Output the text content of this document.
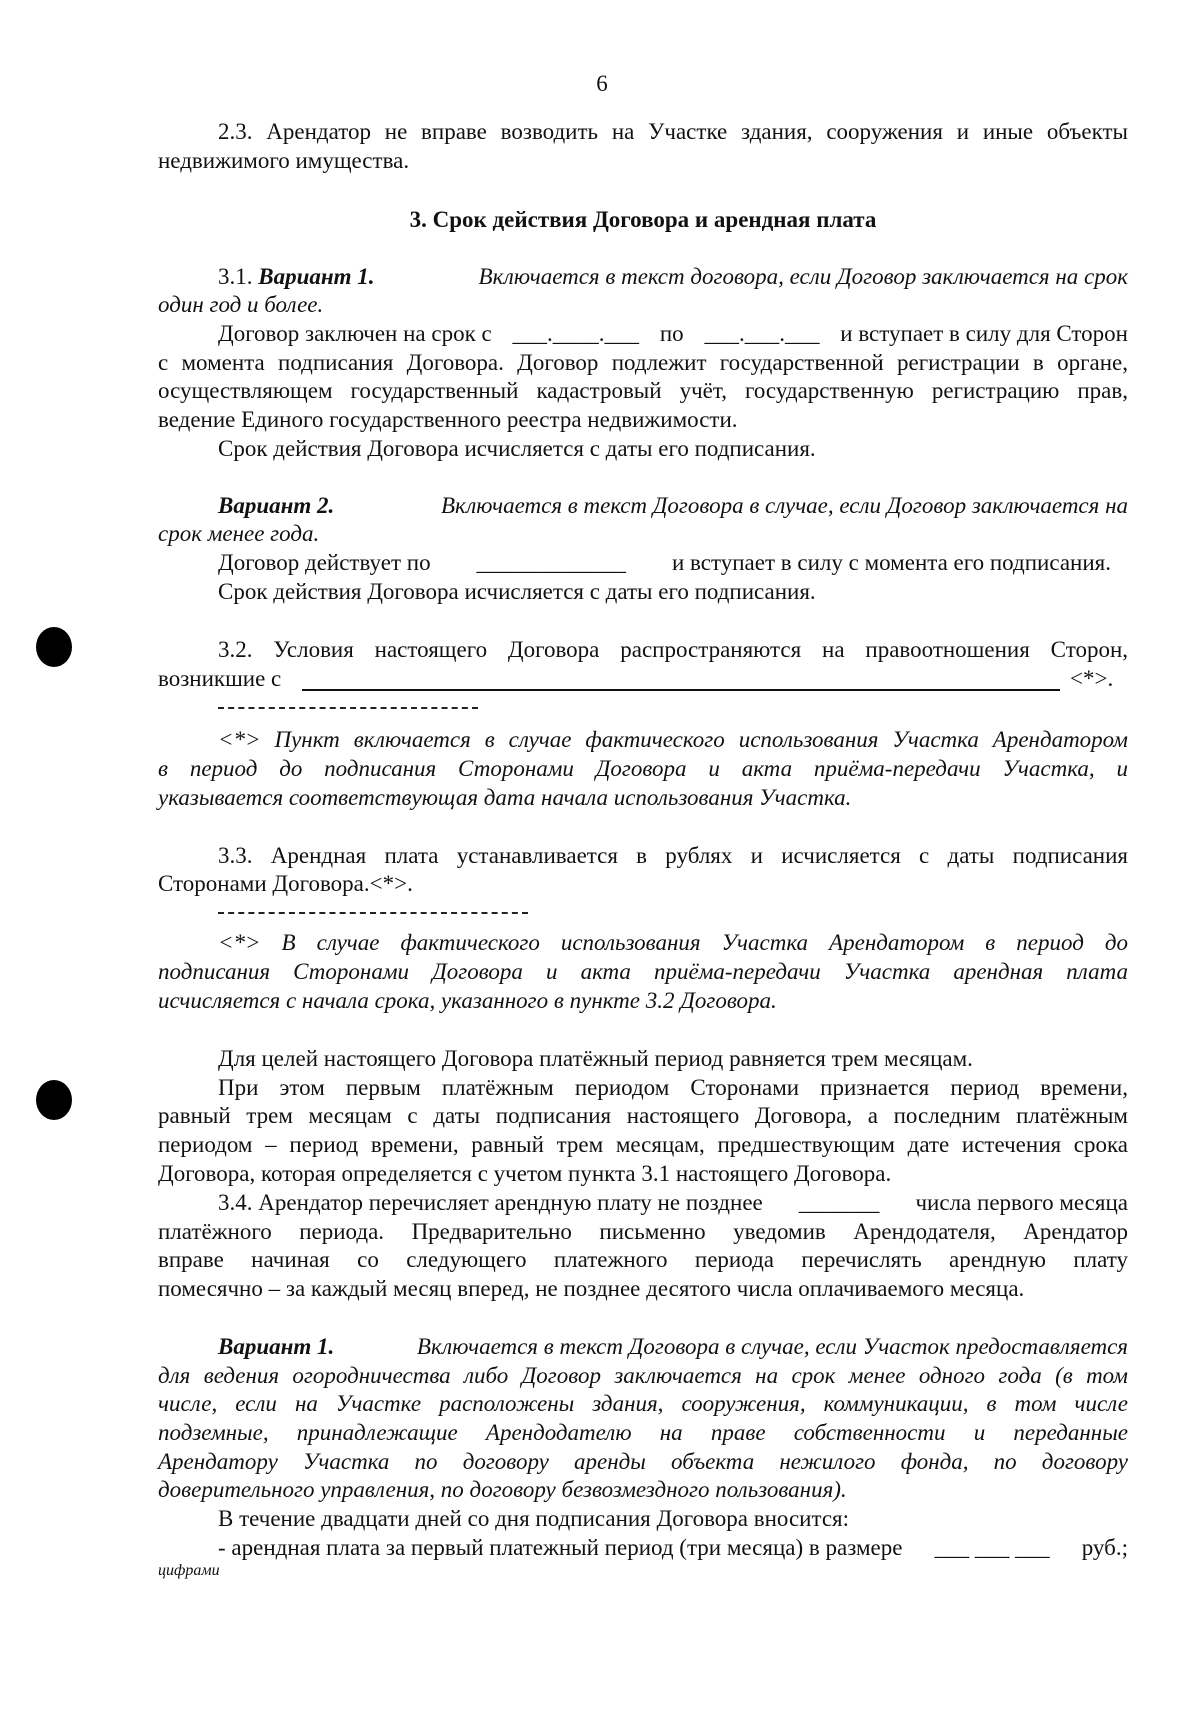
6
2.3. Арендатор не вправе возводить на Участке здания, сооружения и иные объекты
недвижимого имущества.
3. Срок действия Договора и арендная плата
3.1. Вариант 1.	Включается в текст договора, если Договор заключается на срок
один год и более.
Договор заключен на срок с ___.____.___ по ___.___.___ и вступает в силу для Сторон
с момента подписания Договора. Договор подлежит государственной регистрации в органе,
осуществляющем государственный кадастровый учёт, государственную регистрацию прав,
ведение Единого государственного реестра недвижимости.
Срок действия Договора исчисляется с даты его подписания.
Вариант 2.	Включается в текст Договора в случае, если Договор заключается на
срок менее года.
Договор действует по _____________ и вступает в силу с момента его подписания.
Срок действия Договора исчисляется с даты его подписания.
3.2. Условия настоящего Договора распространяются на правоотношения Сторон,
возникшие с	<*>.
<*> Пункт включается в случае фактического использования Участка Арендатором
в период до подписания Сторонами Договора и акта приёма-передачи Участка, и
указывается соответствующая дата начала использования Участка.
3.3. Арендная плата устанавливается в рублях и исчисляется с даты подписания
Сторонами Договора.<*>.
<*> В случае фактического использования Участка Арендатором в период до
подписания Сторонами Договора и акта приёма-передачи Участка арендная плата
исчисляется с начала срока, указанного в пункте 3.2 Договора.
Для целей настоящего Договора платёжный период равняется трем месяцам.
При этом первым платёжным периодом Сторонами признается период времени,
равный трем месяцам с даты подписания настоящего Договора, а последним платёжным
периодом – период времени, равный трем месяцам, предшествующим дате истечения срока
Договора, которая определяется с учетом пункта 3.1 настоящего Договора.
3.4. Арендатор перечисляет арендную плату не позднее _______ числа первого месяца
платёжного периода. Предварительно письменно уведомив Арендодателя, Арендатор
вправе начиная со следующего платежного периода перечислять арендную плату
помесячно – за каждый месяц вперед, не позднее десятого числа оплачиваемого месяца.
Вариант 1.	Включается в текст Договора в случае, если Участок предоставляется
для ведения огородничества либо Договор заключается на срок менее одного года (в том
числе, если на Участке расположены здания, сооружения, коммуникации, в том числе
подземные, принадлежащие Арендодателю на праве собственности и переданные
Арендатору Участка по договору аренды объекта нежилого фонда, по договору
доверительного управления, по договору безвозмездного пользования).
В течение двадцати дней со дня подписания Договора вносится:
- арендная плата за первый платежный период (три месяца) в размере ___ ___ ___ руб.;
цифрами
